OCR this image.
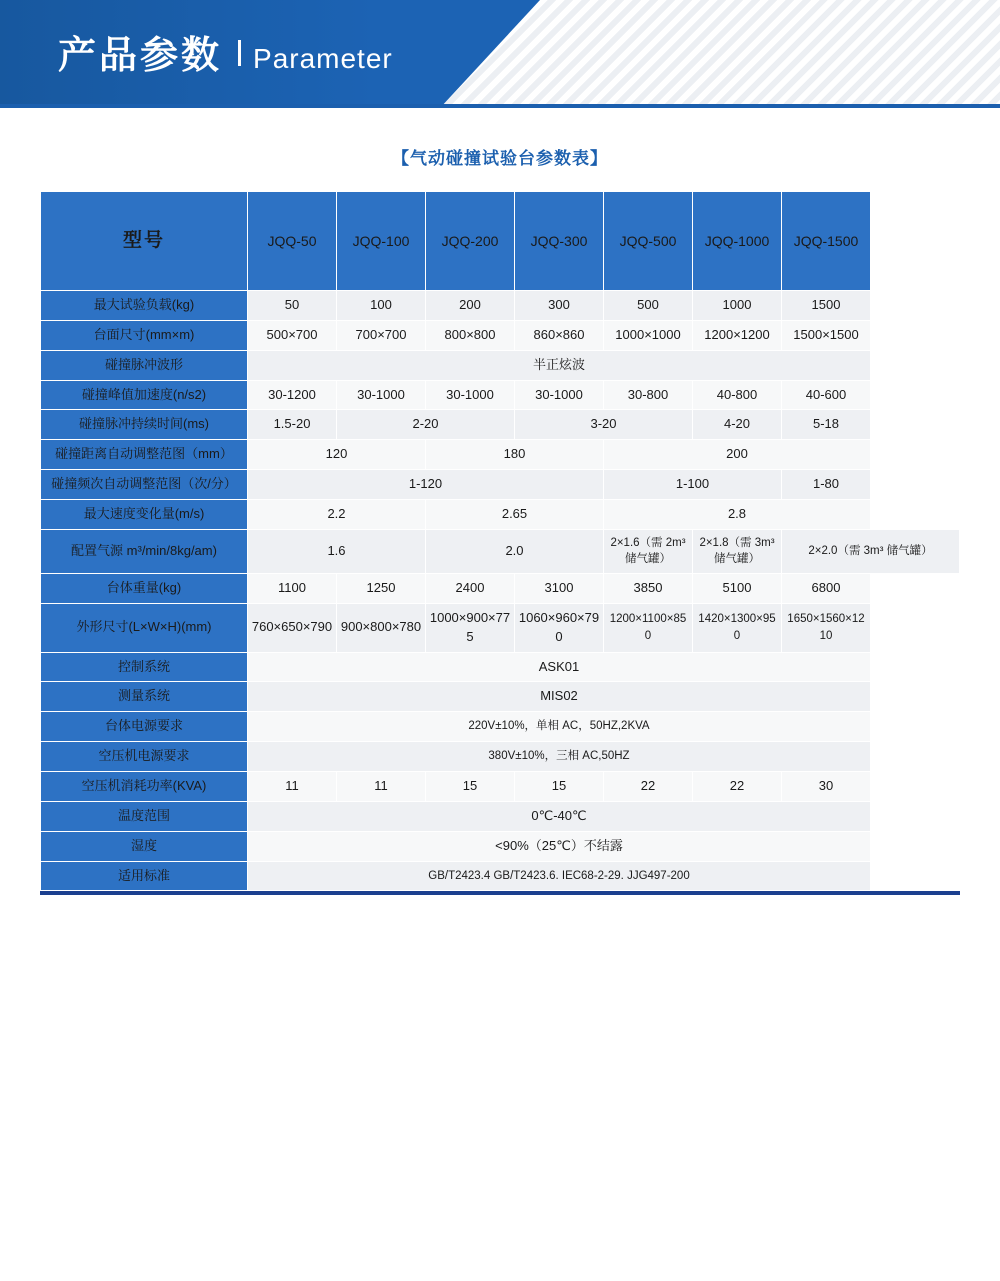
产品参数 Parameter
【气动碰撞试验台参数表】
型号	JQQ-50	JQQ-100	JQQ-200	JQQ-300	JQQ-500	JQQ-1000	JQQ-1500
最大试验负载(kg)	50	100	200	300	500	1000	1500
台面尺寸(mm×m)	500×700	700×700	800×800	860×860	1000×1000	1200×1200	1500×1500
碰撞脉冲波形	半正炫波						
碰撞峰值加速度(n/s2)	30-1200	30-1000	30-1000	30-1000	30-800	40-800	40-600
碰撞脉冲持续时间(ms)	1.5-20	2-20		3-20		4-20	5-18
碰撞距离自动调整范图（mm）	120		180		200		
碰撞频次自动调整范图（次/分）	1-120				1-100		1-80
最大速度变化量(m/s)	2.2		2.65		2.8		
配置气源 m³/min/8kg/am)	1.6		2.0		2×1.6（需 2m³储气罐）	2×1.8（需 3m³储气罐）	2×2.0（需 3m³ 储气罐）
台体重量(kg)	1100	1250	2400	3100	3850	5100	6800
外形尺寸(L×W×H)(mm)	760×650×790	900×800×780	1000×900×775	1060×960×790	1200×1100×850	1420×1300×950	1650×1560×1210
控制系统	ASK01						
测量系统	MIS02						
台体电源要求	220V±10%，单相 AC，50HZ,2KVA						
空压机电源要求	380V±10%，三相 AC,50HZ						
空压机消耗功率(KVA)	11	11	15	15	22	22	30
温度范围	0℃-40℃						
湿度	<90%（25℃）不结露						
适用标准	GB/T2423.4 GB/T2423.6. IEC68-2-29. JJG497-200						
